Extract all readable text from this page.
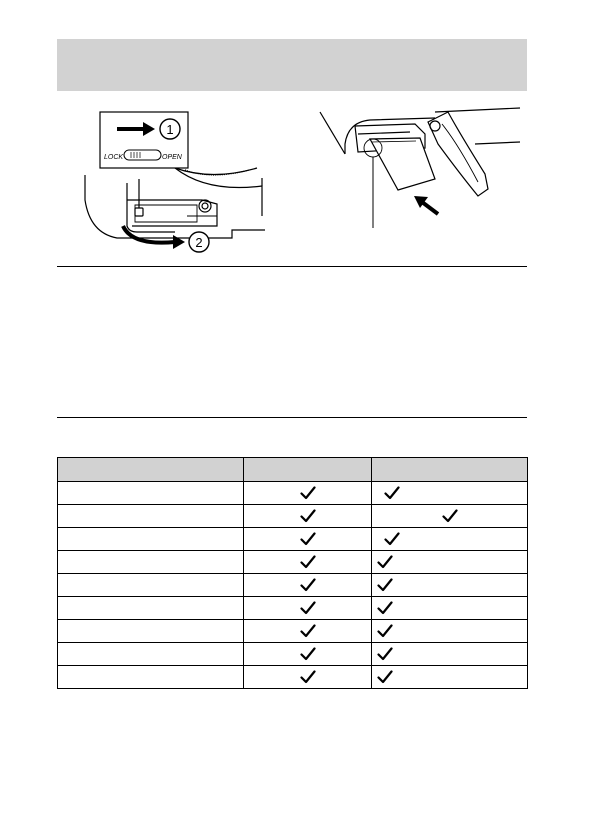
1
LOCK	OPEN
2
